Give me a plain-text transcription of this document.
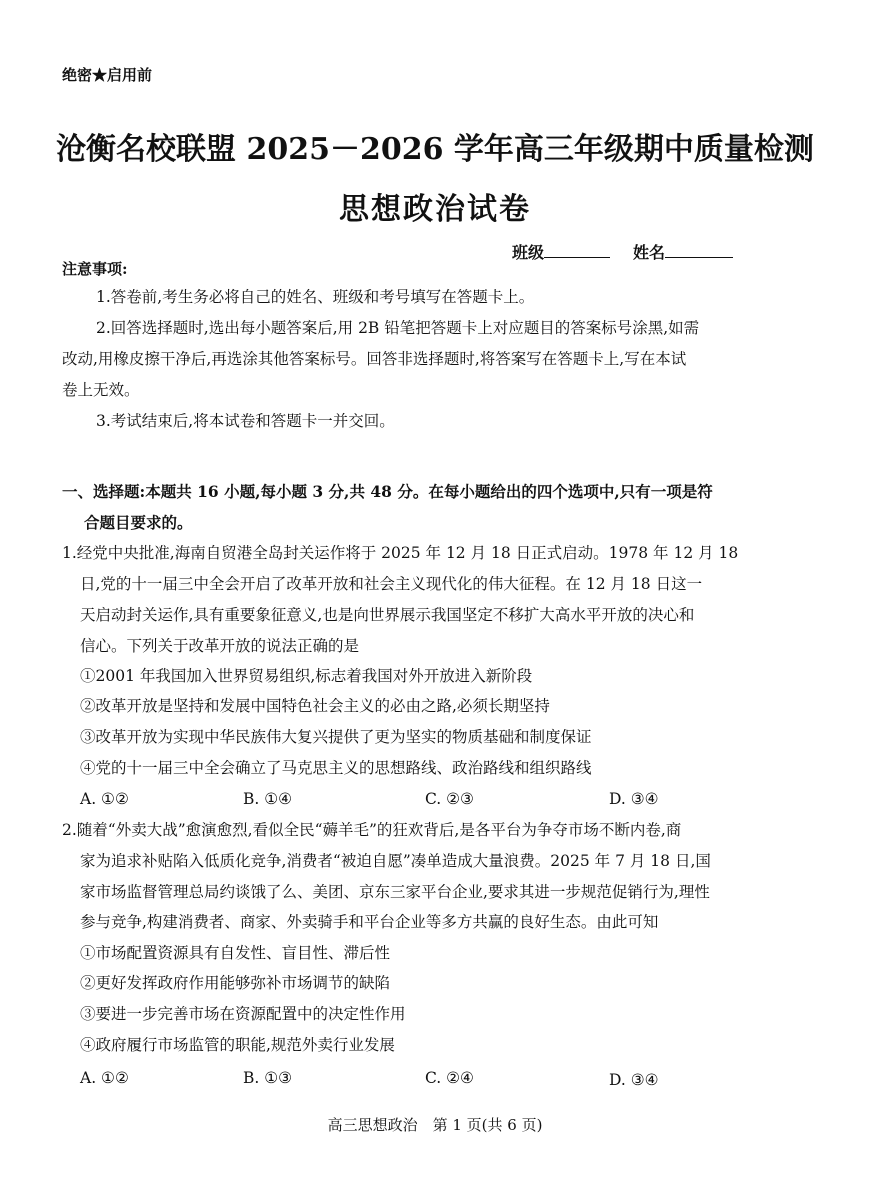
绝密★启用前
沧衡名校联盟 2025－2026 学年高三年级期中质量检测
思想政治试卷
班级	姓名
注意事项:
1.答卷前,考生务必将自己的姓名、班级和考号填写在答题卡上。
2.回答选择题时,选出每小题答案后,用 2B 铅笔把答题卡上对应题目的答案标号涂黑,如需
改动,用橡皮擦干净后,再选涂其他答案标号。回答非选择题时,将答案写在答题卡上,写在本试
卷上无效。
3.考试结束后,将本试卷和答题卡一并交回。
一、选择题:本题共 16 小题,每小题 3 分,共 48 分。在每小题给出的四个选项中,只有一项是符
合题目要求的。
1.经党中央批准,海南自贸港全岛封关运作将于 2025 年 12 月 18 日正式启动。1978 年 12 月 18
日,党的十一届三中全会开启了改革开放和社会主义现代化的伟大征程。在 12 月 18 日这一
天启动封关运作,具有重要象征意义,也是向世界展示我国坚定不移扩大高水平开放的决心和
信心。下列关于改革开放的说法正确的是
①2001 年我国加入世界贸易组织,标志着我国对外开放进入新阶段
②改革开放是坚持和发展中国特色社会主义的必由之路,必须长期坚持
③改革开放为实现中华民族伟大复兴提供了更为坚实的物质基础和制度保证
④党的十一届三中全会确立了马克思主义的思想路线、政治路线和组织路线
A. ①②	B. ①④	C. ②③	D. ③④
2.随着“外卖大战”愈演愈烈,看似全民“薅羊毛”的狂欢背后,是各平台为争夺市场不断内卷,商
家为追求补贴陷入低质化竞争,消费者“被迫自愿”凑单造成大量浪费。2025 年 7 月 18 日,国
家市场监督管理总局约谈饿了么、美团、京东三家平台企业,要求其进一步规范促销行为,理性
参与竞争,构建消费者、商家、外卖骑手和平台企业等多方共赢的良好生态。由此可知
①市场配置资源具有自发性、盲目性、滞后性
②更好发挥政府作用能够弥补市场调节的缺陷
③要进一步完善市场在资源配置中的决定性作用
④政府履行市场监管的职能,规范外卖行业发展
A. ①②	B. ①③	C. ②④	D. ③④
高三思想政治　第 1 页(共 6 页)
